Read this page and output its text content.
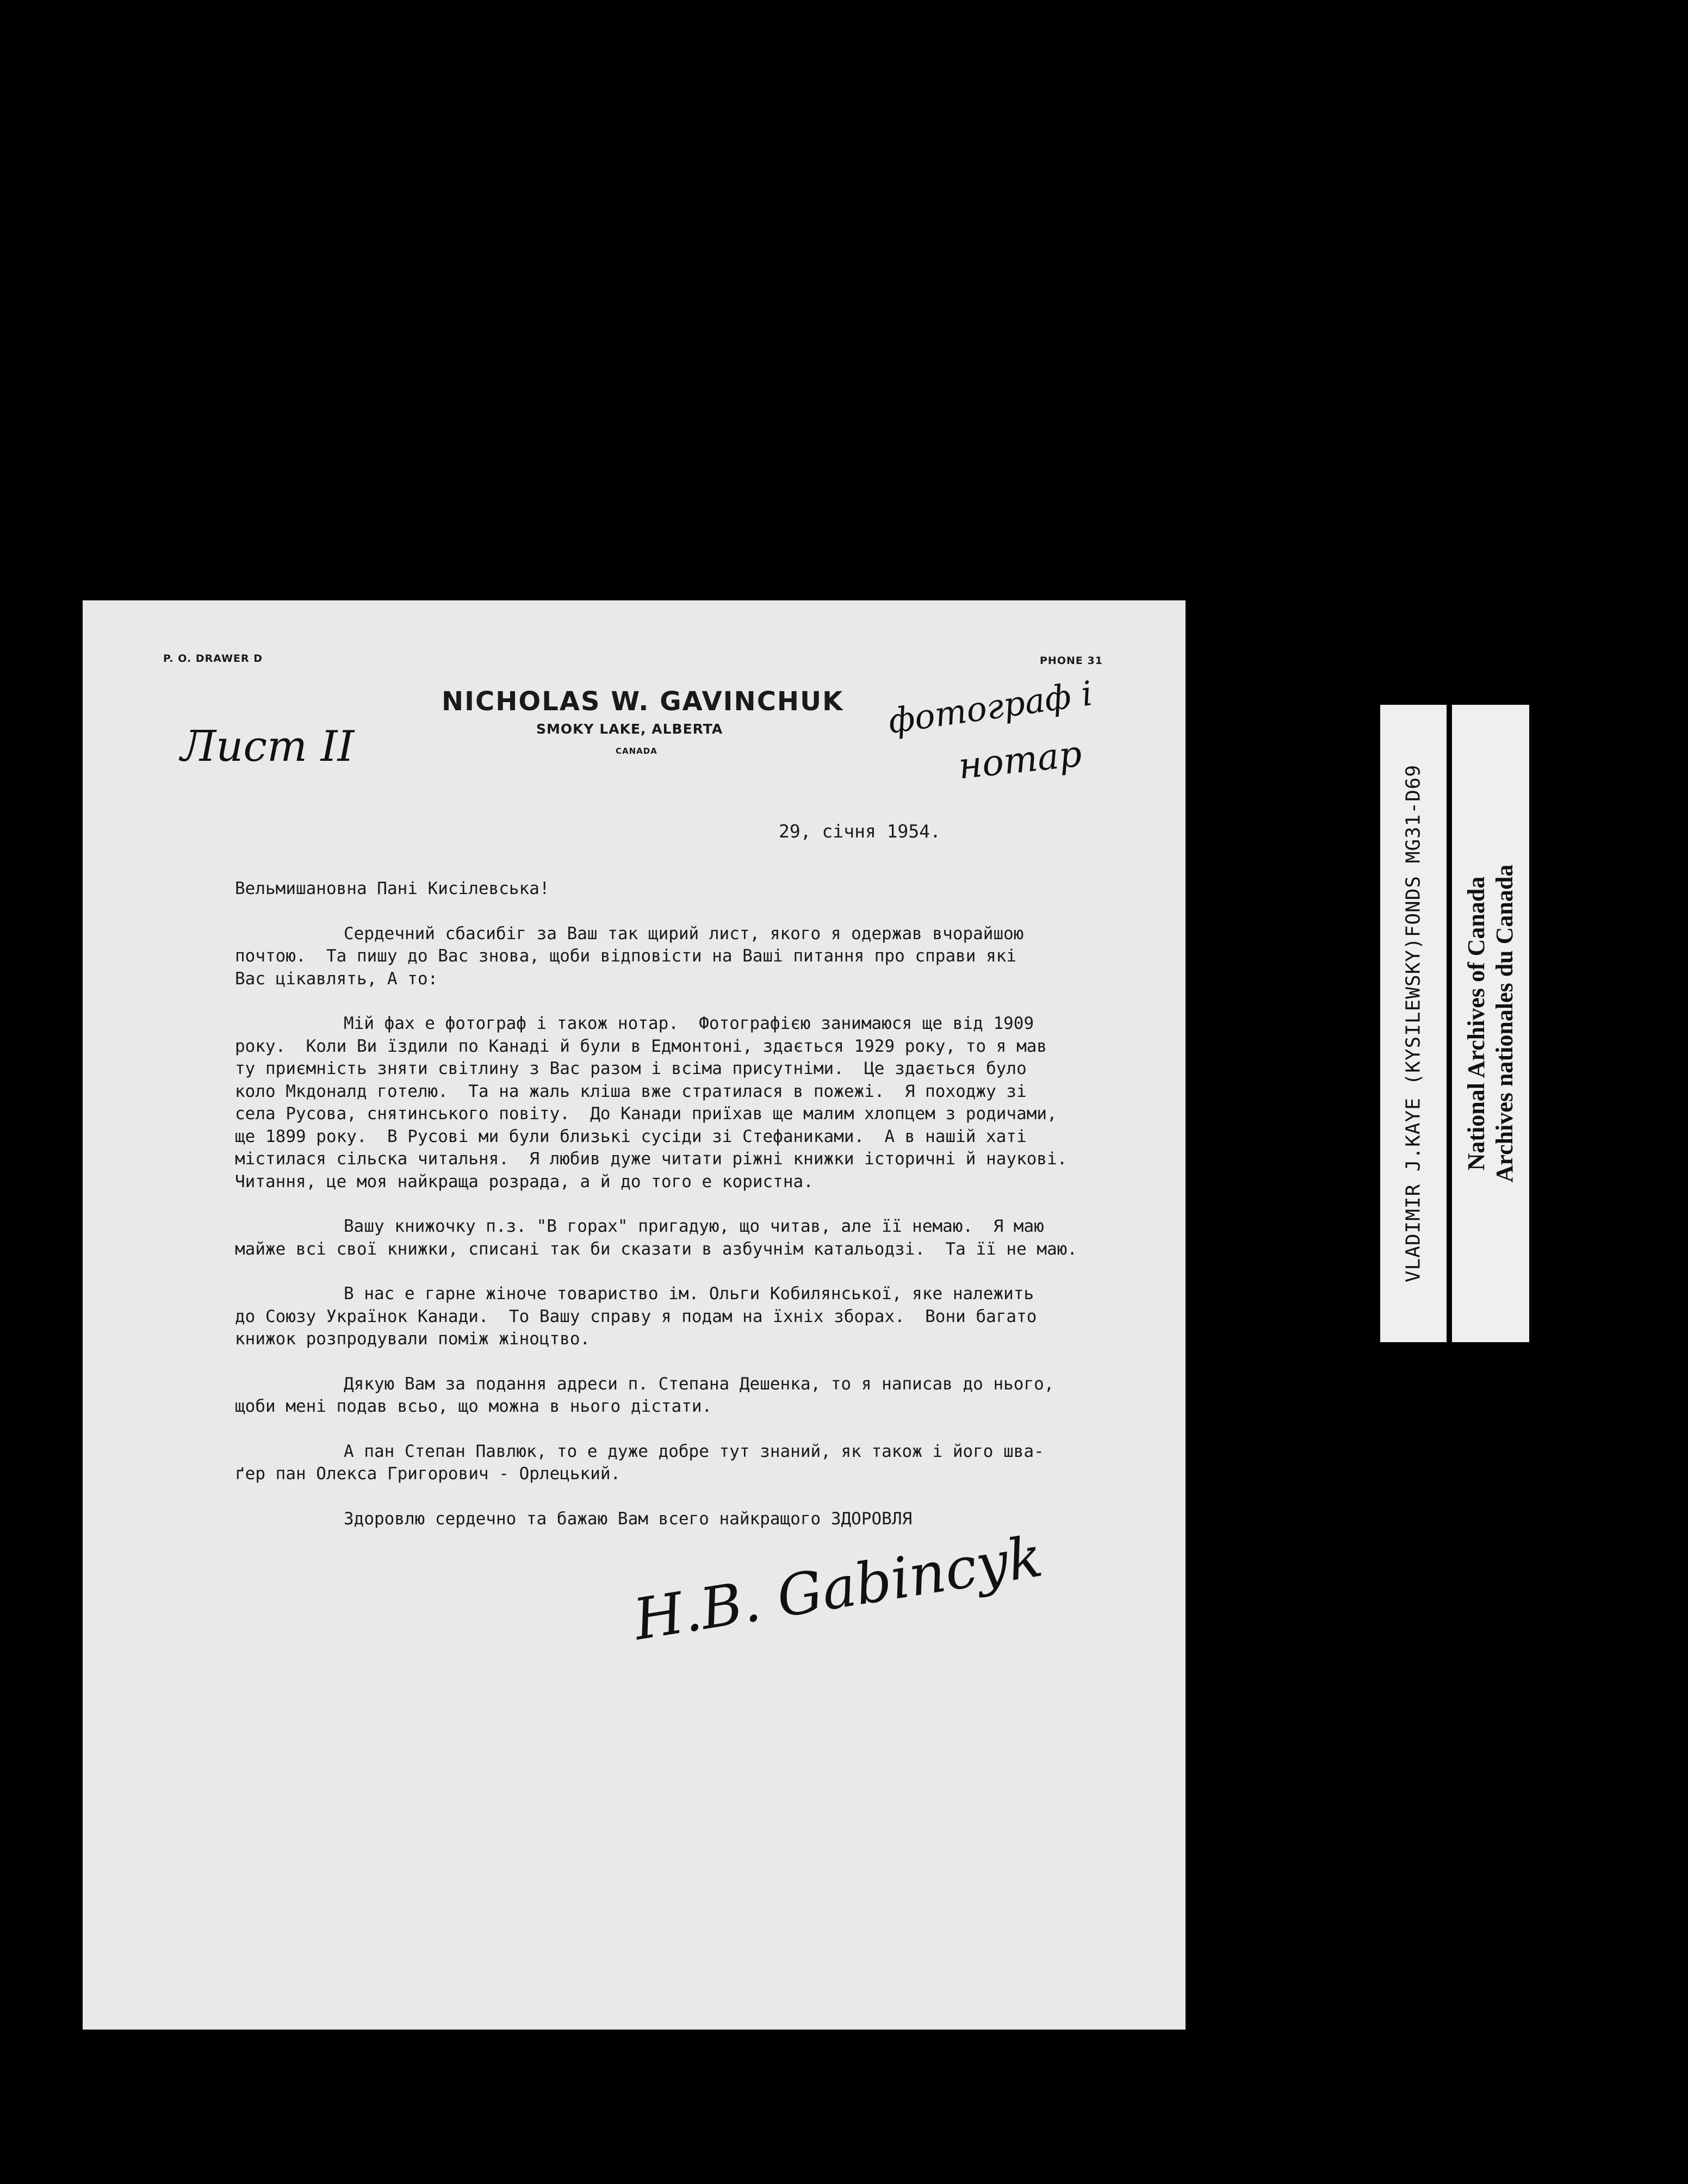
P. O. DRAWER D	PHONE 31
NICHOLAS W. GAVINCHUK
SMOKY LAKE, ALBERTA
CANADA
Лист II
фотограф і
нотар
29, січня 1954.

Вельмишановна Пані Кисілевська!

Сердечний сбасибіг за Ваш так щирий лист, якого я одержав вчорайшою

почтою.  Та пишу до Вас знова, щоби відповісти на Ваші питання про справи які

Вас цікавлять, А то:

Мій фах е фотограф і також нотар.  Фотографією занимаюся ще від 1909

року.  Коли Ви їздили по Канаді й були в Едмонтоні, здається 1929 року, то я мав

ту приємність зняти світлину з Вас разом і всіма присутніми.  Це здається було

коло Мкдоналд готелю.  Та на жаль кліша вже стратилася в пожежі.  Я походжу зі

села Русова, снятинського повіту.  До Канади приїхав ще малим хлопцем з родичами,

ще 1899 року.  В Русові ми були близькі сусіди зі Стефаниками.  А в нашій хаті

містилася сільска читальня.  Я любив дуже читати ріжні книжки історичні й наукові.

Читання, це моя найкраща розрада, а й до того е користна.

Вашу книжочку п.з. "В горах" пригадую, що читав, але її немаю.  Я маю

майже всі свої книжки, списані так би сказати в азбучнім катальодзі.  Та її не маю.

В нас е гарне жіноче товариство ім. Ольги Кобилянської, яке належить

до Союзу Українок Канади.  То Вашу справу я подам на їхніх зборах.  Вони багато

книжок розпродували поміж жіноцтво.

Дякую Вам за подання адреси п. Степана Дешенка, то я написав до нього,

щоби мені подав всьо, що можна в нього дістати.

А пан Степан Павлюк, то е дуже добре тут знаний, як також і його шва-

ґер пан Олекса Григорович - Орлецький.

Здоровлю сердечно та бажаю Вам всего найкращого ЗДОРОВЛЯ

Н.В. Gabinсyk
VLADIMIR J.KAYE (KYSILEWSKY)FONDS MG31-D69 National Archives of Canada Archives nationales du Canada
